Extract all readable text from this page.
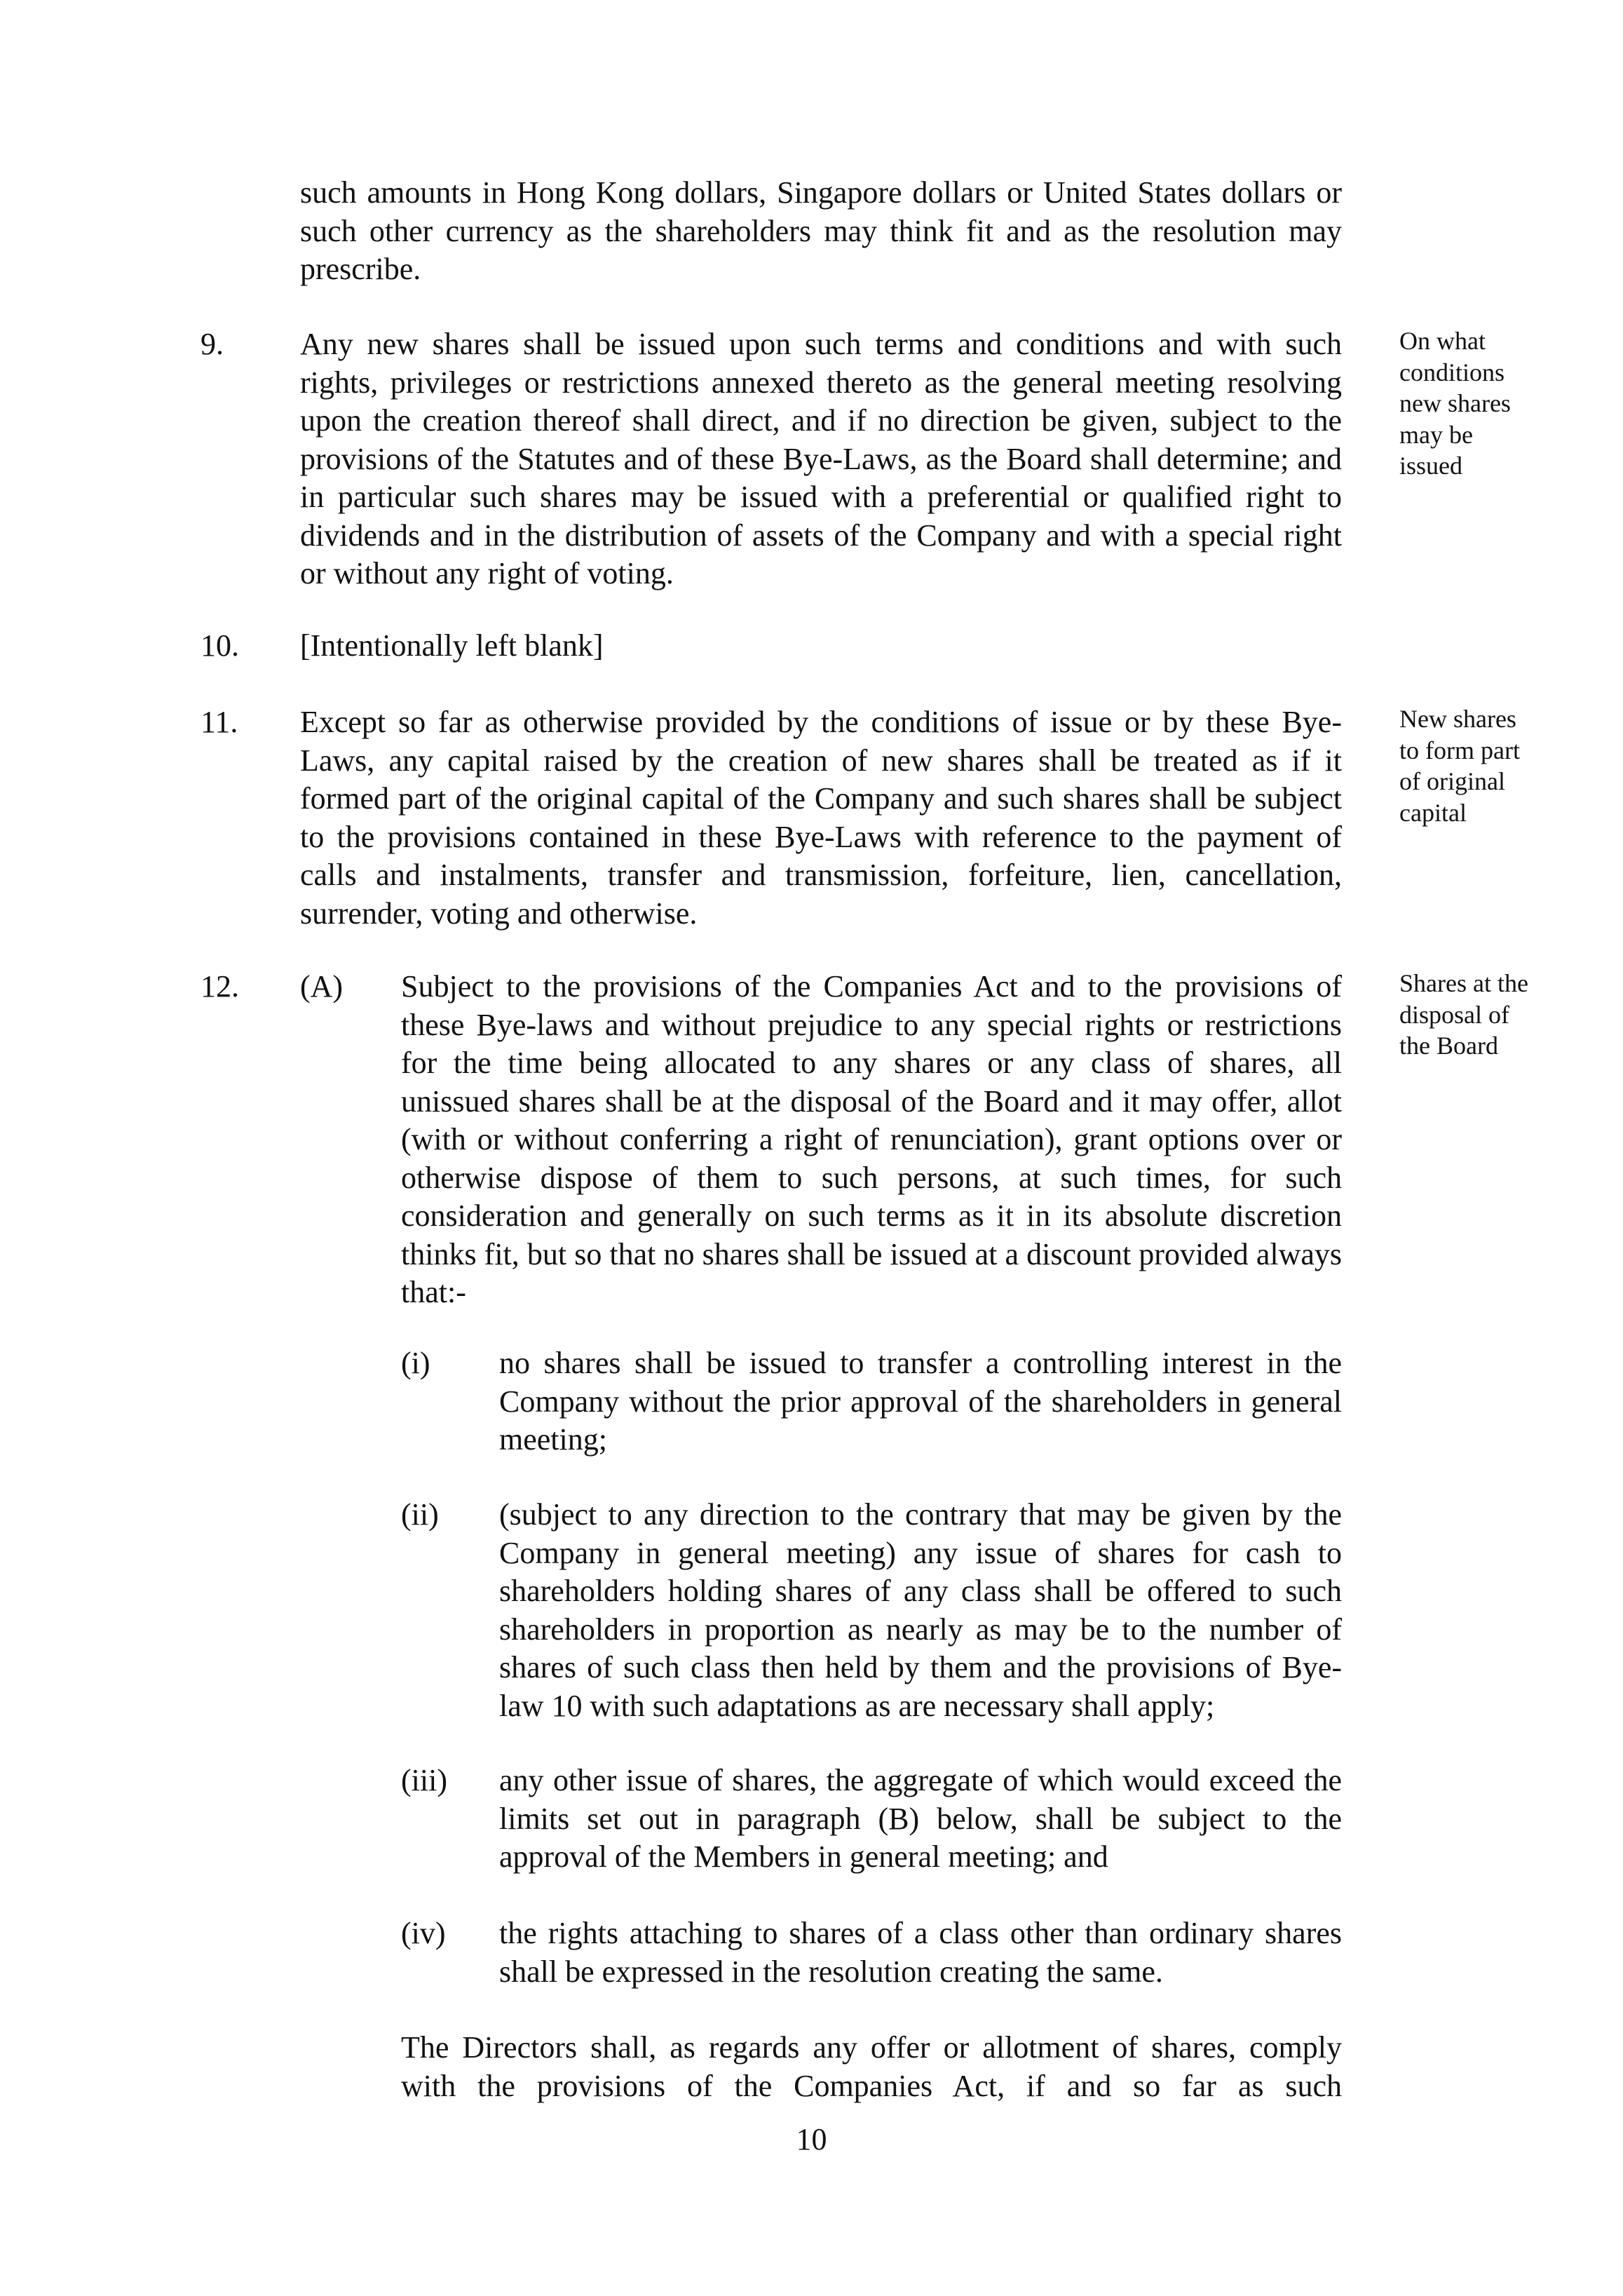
such amounts in Hong Kong dollars, Singapore dollars or United States dollars or such other currency as the shareholders may think fit and as the resolution may prescribe.

9. Any new shares shall be issued upon such terms and conditions and with such rights, privileges or restrictions annexed thereto as the general meeting resolving upon the creation thereof shall direct, and if no direction be given, subject to the provisions of the Statutes and of these Bye-Laws, as the Board shall determine; and in particular such shares may be issued with a preferential or qualified right to dividends and in the distribution of assets of the Company and with a special right or without any right of voting.

On what conditions new shares may be issued

10. [Intentionally left blank]

11. Except so far as otherwise provided by the conditions of issue or by these Bye-Laws, any capital raised by the creation of new shares shall be treated as if it formed part of the original capital of the Company and such shares shall be subject to the provisions contained in these Bye-Laws with reference to the payment of calls and instalments, transfer and transmission, forfeiture, lien, cancellation, surrender, voting and otherwise.

New shares to form part of original capital

12. (A) Subject to the provisions of the Companies Act and to the provisions of these Bye-laws and without prejudice to any special rights or restrictions for the time being allocated to any shares or any class of shares, all unissued shares shall be at the disposal of the Board and it may offer, allot (with or without conferring a right of renunciation), grant options over or otherwise dispose of them to such persons, at such times, for such consideration and generally on such terms as it in its absolute discretion thinks fit, but so that no shares shall be issued at a discount provided always that:-

Shares at the disposal of the Board

(i) no shares shall be issued to transfer a controlling interest in the Company without the prior approval of the shareholders in general meeting;

(ii) (subject to any direction to the contrary that may be given by the Company in general meeting) any issue of shares for cash to shareholders holding shares of any class shall be offered to such shareholders in proportion as nearly as may be to the number of shares of such class then held by them and the provisions of Bye-law 10 with such adaptations as are necessary shall apply;

(iii) any other issue of shares, the aggregate of which would exceed the limits set out in paragraph (B) below, shall be subject to the approval of the Members in general meeting; and

(iv) the rights attaching to shares of a class other than ordinary shares shall be expressed in the resolution creating the same.

The Directors shall, as regards any offer or allotment of shares, comply with the provisions of the Companies Act, if and so far as such

10
